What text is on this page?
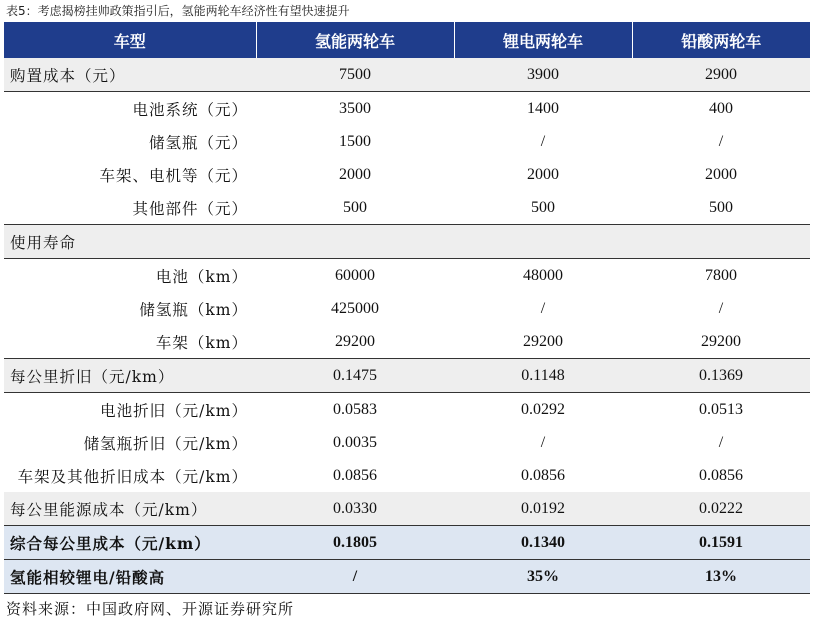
表5：考虑揭榜挂帅政策指引后，氢能两轮车经济性有望快速提升
车型	氢能两轮车	锂电两轮车	铅酸两轮车
购置成本（元）	7500	3900	2900
电池系统（元）	3500	1400	400
储氢瓶（元）	1500	/	/
车架、电机等（元）	2000	2000	2000
其他部件（元）	500	500	500
使用寿命			
电池（km）	60000	48000	7800
储氢瓶（km）	425000	/	/
车架（km）	29200	29200	29200
每公里折旧（元/km）	0.1475	0.1148	0.1369
电池折旧（元/km）	0.0583	0.0292	0.0513
储氢瓶折旧（元/km）	0.0035	/	/
车架及其他折旧成本（元/km）	0.0856	0.0856	0.0856
每公里能源成本（元/km）	0.0330	0.0192	0.0222
综合每公里成本（元/km）	0.1805	0.1340	0.1591
氢能相较锂电/铅酸高	/	35%	13%
资料来源：中国政府网、开源证券研究所
